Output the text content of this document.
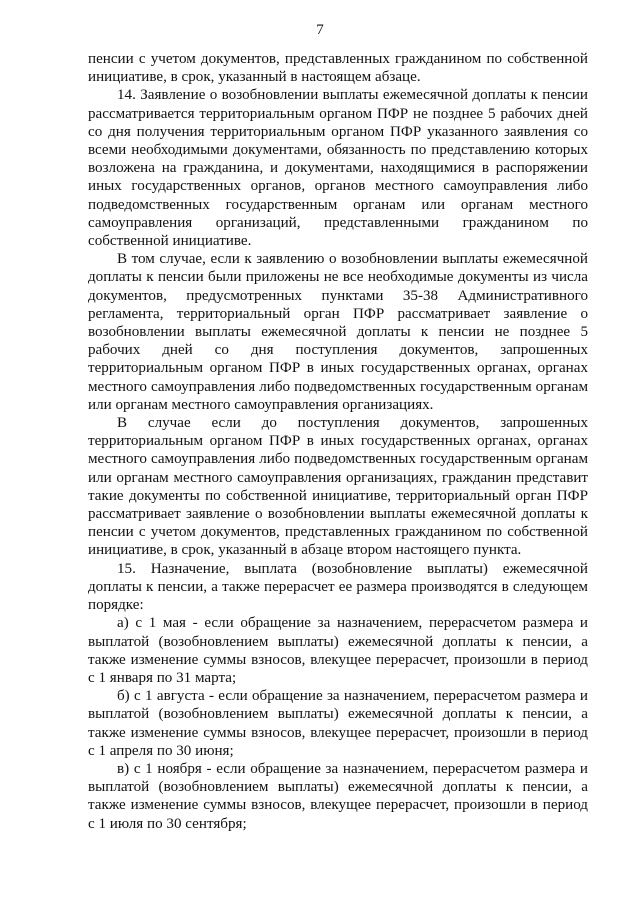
7

пенсии с учетом документов, представленных гражданином по собственной инициативе, в срок, указанный в настоящем абзаце.

14. Заявление о возобновлении выплаты ежемесячной доплаты к пенсии рассматривается территориальным органом ПФР не позднее 5 рабочих дней со дня получения территориальным органом ПФР указанного заявления со всеми необходимыми документами, обязанность по представлению которых возложена на гражданина, и документами, находящимися в распоряжении иных государственных органов, органов местного самоуправления либо подведомственных государственным органам или органам местного самоуправления организаций, представленными гражданином по собственной инициативе.

В том случае, если к заявлению о возобновлении выплаты ежемесячной доплаты к пенсии были приложены не все необходимые документы из числа документов, предусмотренных пунктами 35-38 Административного регламента, территориальный орган ПФР рассматривает заявление о возобновлении выплаты ежемесячной доплаты к пенсии не позднее 5 рабочих дней со дня поступления документов, запрошенных территориальным органом ПФР в иных государственных органах, органах местного самоуправления либо подведомственных государственным органам или органам местного самоуправления организациях.

В случае если до поступления документов, запрошенных территориальным органом ПФР в иных государственных органах, органах местного самоуправления либо подведомственных государственным органам или органам местного самоуправления организациях, гражданин представит такие документы по собственной инициативе, территориальный орган ПФР рассматривает заявление о возобновлении выплаты ежемесячной доплаты к пенсии с учетом документов, представленных гражданином по собственной инициативе, в срок, указанный в абзаце втором настоящего пункта.

15. Назначение, выплата (возобновление выплаты) ежемесячной доплаты к пенсии, а также перерасчет ее размера производятся в следующем порядке:

а) с 1 мая - если обращение за назначением, перерасчетом размера и выплатой (возобновлением выплаты) ежемесячной доплаты к пенсии, а также изменение суммы взносов, влекущее перерасчет, произошли в период с 1 января по 31 марта;

б) с 1 августа - если обращение за назначением, перерасчетом размера и выплатой (возобновлением выплаты) ежемесячной доплаты к пенсии, а также изменение суммы взносов, влекущее перерасчет, произошли в период с 1 апреля по 30 июня;

в) с 1 ноября - если обращение за назначением, перерасчетом размера и выплатой (возобновлением выплаты) ежемесячной доплаты к пенсии, а также изменение суммы взносов, влекущее перерасчет, произошли в период с 1 июля по 30 сентября;
